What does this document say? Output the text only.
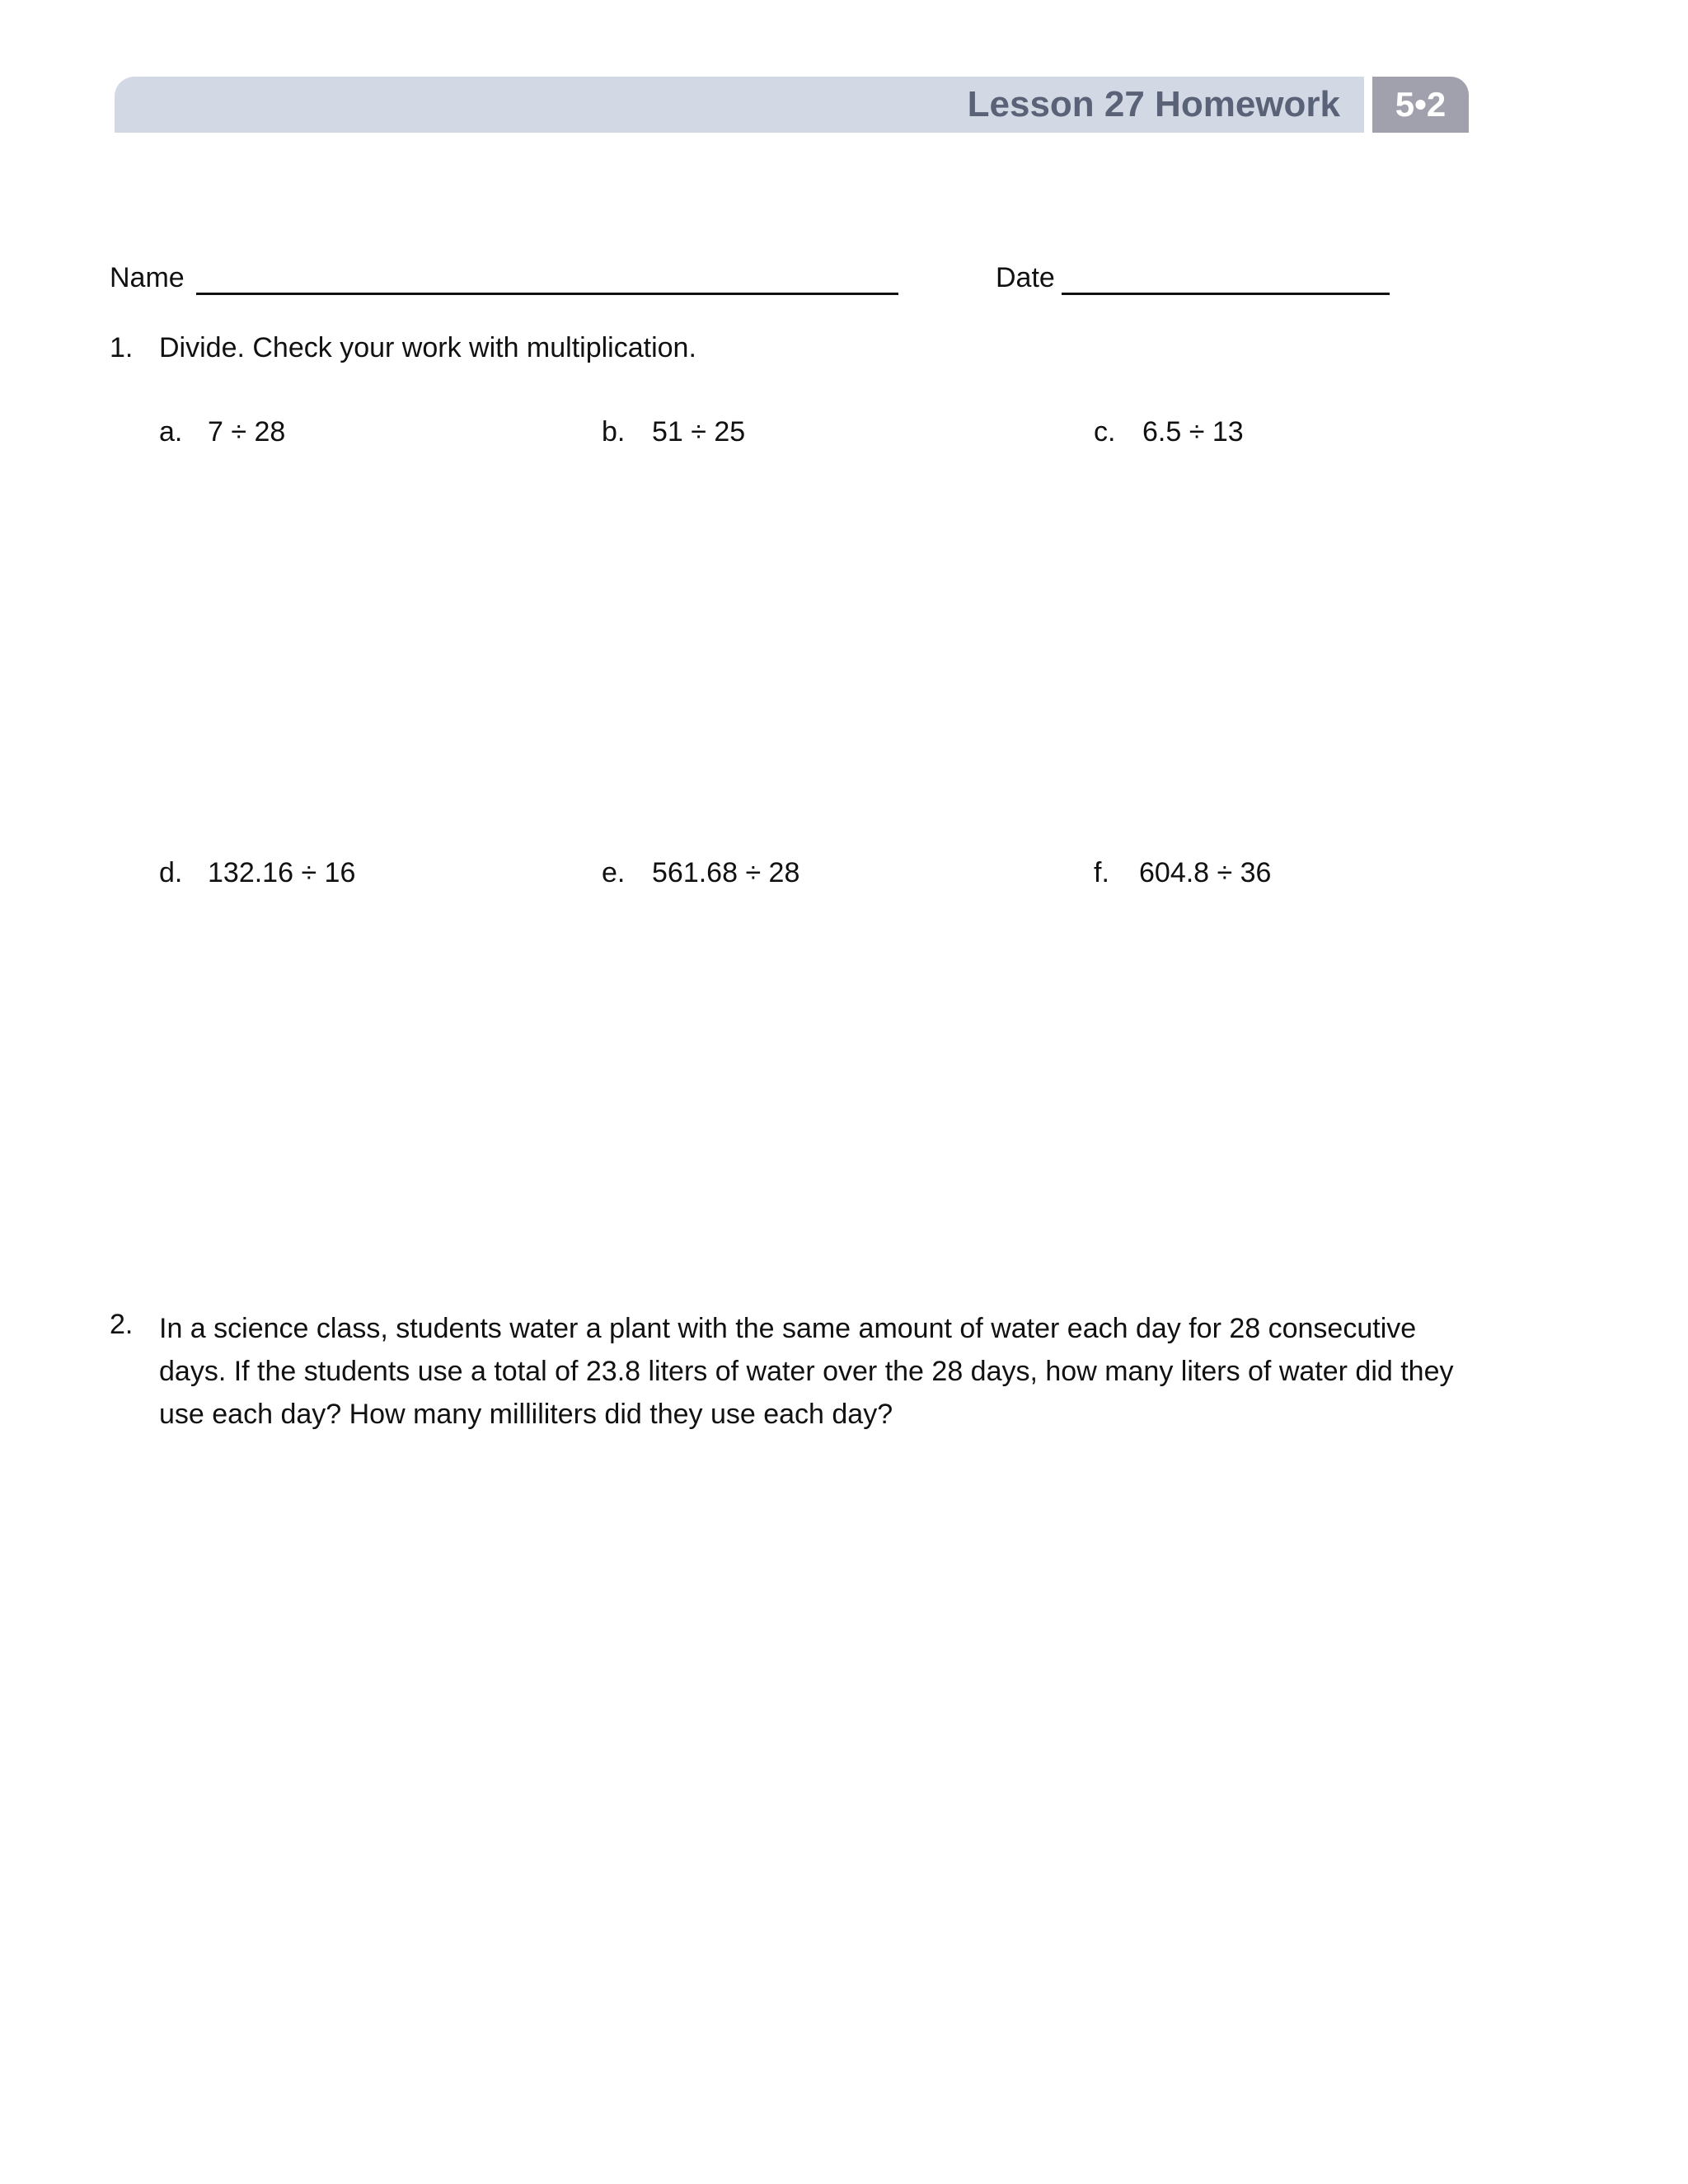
Lesson 27 Homework	5•2
Name	Date
1. Divide. Check your work with multiplication.
a. 7 ÷ 28	b. 51 ÷ 25	c. 6.5 ÷ 13
d. 132.16 ÷ 16	e. 561.68 ÷ 28	f. 604.8 ÷ 36
2. In a science class, students water a plant with the same amount of water each day for 28 consecutive
days. If the students use a total of 23.8 liters of water over the 28 days, how many liters of water did they
use each day? How many milliliters did they use each day?
